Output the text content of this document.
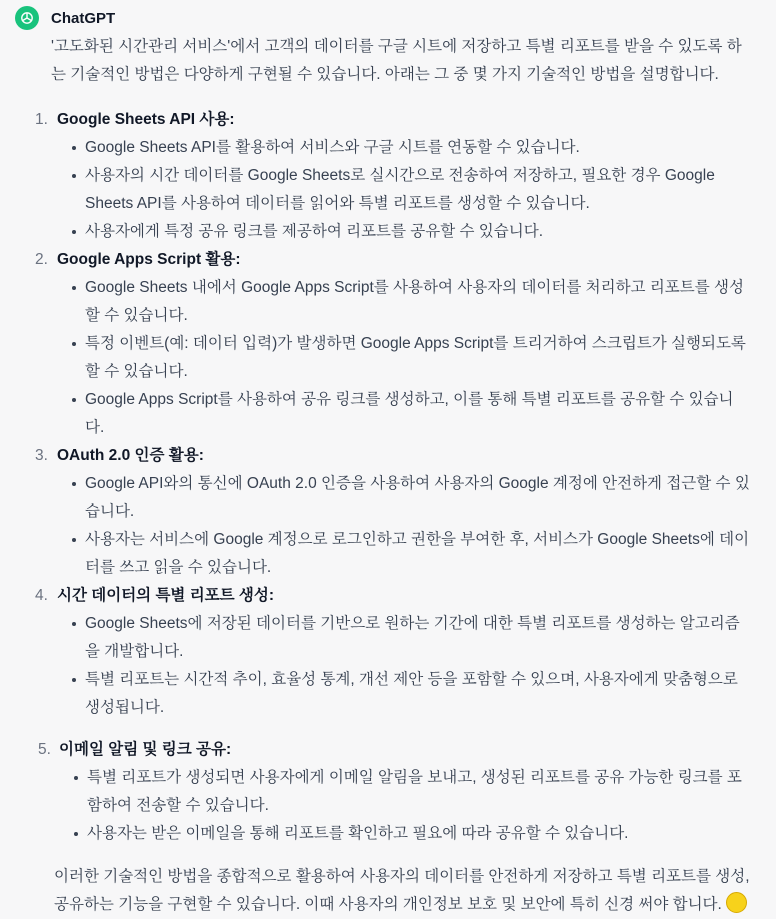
ChatGPT

'고도화된 시간관리 서비스'에서 고객의 데이터를 구글 시트에 저장하고 특별 리포트를 받을 수 있도록 하는 기술적인 방법은 다양하게 구현될 수 있습니다. 아래는 그 중 몇 가지 기술적인 방법을 설명합니다.

1. Google Sheets API 사용:
Google Sheets API를 활용하여 서비스와 구글 시트를 연동할 수 있습니다.
사용자의 시간 데이터를 Google Sheets로 실시간으로 전송하여 저장하고, 필요한 경우 Google Sheets API를 사용하여 데이터를 읽어와 특별 리포트를 생성할 수 있습니다.
사용자에게 특정 공유 링크를 제공하여 리포트를 공유할 수 있습니다.
2. Google Apps Script 활용:
Google Sheets 내에서 Google Apps Script를 사용하여 사용자의 데이터를 처리하고 리포트를 생성할 수 있습니다.
특정 이벤트(예: 데이터 입력)가 발생하면 Google Apps Script를 트리거하여 스크립트가 실행되도록 할 수 있습니다.
Google Apps Script를 사용하여 공유 링크를 생성하고, 이를 통해 특별 리포트를 공유할 수 있습니다.
3. OAuth 2.0 인증 활용:
Google API와의 통신에 OAuth 2.0 인증을 사용하여 사용자의 Google 계정에 안전하게 접근할 수 있습니다.
사용자는 서비스에 Google 계정으로 로그인하고 권한을 부여한 후, 서비스가 Google Sheets에 데이터를 쓰고 읽을 수 있습니다.
4. 시간 데이터의 특별 리포트 생성:
Google Sheets에 저장된 데이터를 기반으로 원하는 기간에 대한 특별 리포트를 생성하는 알고리즘을 개발합니다.
특별 리포트는 시간적 추이, 효율성 통계, 개선 제안 등을 포함할 수 있으며, 사용자에게 맞춤형으로 생성됩니다.
5. 이메일 알림 및 링크 공유:
특별 리포트가 생성되면 사용자에게 이메일 알림을 보내고, 생성된 리포트를 공유 가능한 링크를 포함하여 전송할 수 있습니다.
사용자는 받은 이메일을 통해 리포트를 확인하고 필요에 따라 공유할 수 있습니다.

이러한 기술적인 방법을 종합적으로 활용하여 사용자의 데이터를 안전하게 저장하고 특별 리포트를 생성, 공유하는 기능을 구현할 수 있습니다. 이때 사용자의 개인정보 보호 및 보안에 특히 신경 써야 합니다.
